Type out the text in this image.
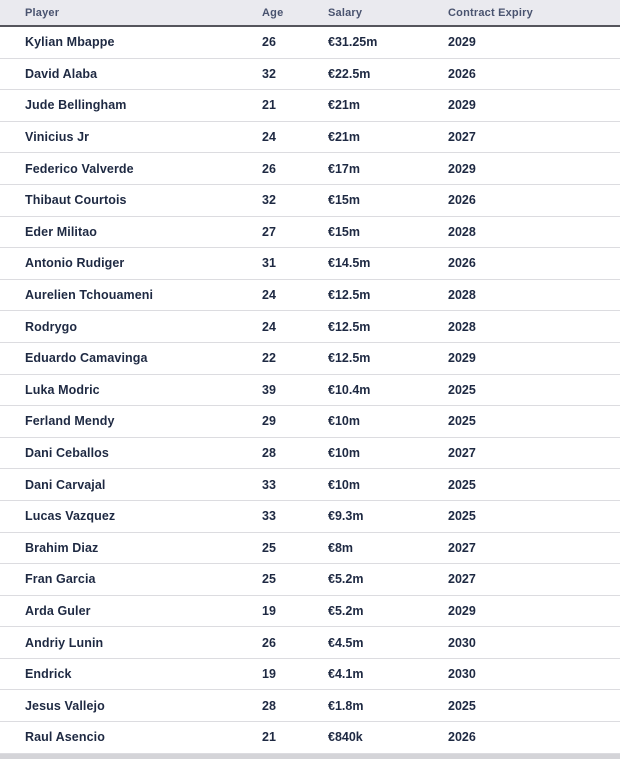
Player	Age	Salary	Contract Expiry
Kylian Mbappe	26	€31.25m	2029
David Alaba	32	€22.5m	2026
Jude Bellingham	21	€21m	2029
Vinicius Jr	24	€21m	2027
Federico Valverde	26	€17m	2029
Thibaut Courtois	32	€15m	2026
Eder Militao	27	€15m	2028
Antonio Rudiger	31	€14.5m	2026
Aurelien Tchouameni	24	€12.5m	2028
Rodrygo	24	€12.5m	2028
Eduardo Camavinga	22	€12.5m	2029
Luka Modric	39	€10.4m	2025
Ferland Mendy	29	€10m	2025
Dani Ceballos	28	€10m	2027
Dani Carvajal	33	€10m	2025
Lucas Vazquez	33	€9.3m	2025
Brahim Diaz	25	€8m	2027
Fran Garcia	25	€5.2m	2027
Arda Guler	19	€5.2m	2029
Andriy Lunin	26	€4.5m	2030
Endrick	19	€4.1m	2030
Jesus Vallejo	28	€1.8m	2025
Raul Asencio	21	€840k	2026
